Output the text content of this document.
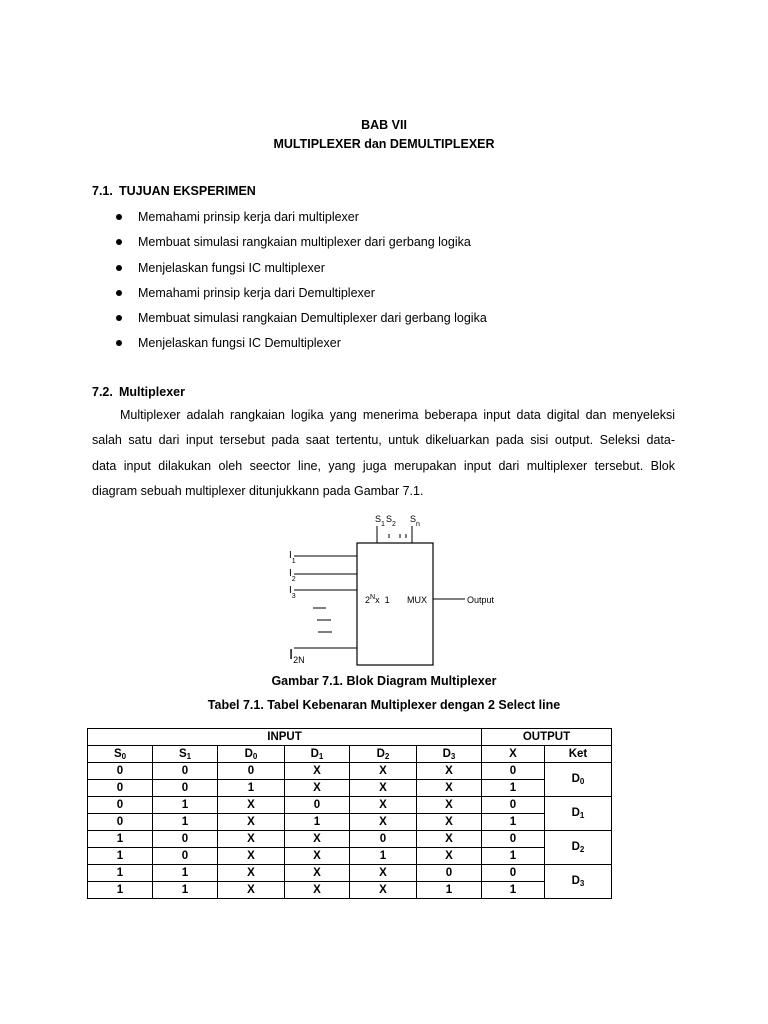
BAB VII
MULTIPLEXER dan DEMULTIPLEXER
7.1. TUJUAN EKSPERIMEN
Memahami prinsip kerja dari multiplexer
Membuat simulasi rangkaian multiplexer dari gerbang logika
Menjelaskan fungsi IC multiplexer
Memahami prinsip kerja dari Demultiplexer
Membuat simulasi rangkaian Demultiplexer dari gerbang logika
Menjelaskan fungsi IC Demultiplexer
7.2. Multiplexer
Multiplexer adalah rangkaian logika yang menerima beberapa input data digital dan menyeleksi
salah satu dari input tersebut pada saat tertentu, untuk dikeluarkan pada sisi output. Seleksi data-
data input dilakukan oleh seector line, yang juga merupakan input dari multiplexer tersebut. Blok
diagram sebuah multiplexer ditunjukkann pada Gambar 7.1.
$S_1$
$S_2$
$S_n$
$I_1$
$I_2$
$I_3$
$I_{2N}$
$2^Nx$  1 MUX	Output
Gambar 7.1. Blok Diagram Multiplexer
Tabel 7.1. Tabel Kebenaran Multiplexer dengan 2 Select line
INPUT						OUTPUT	
$S_0$	$S_1$	$D_0$	$D_1$	$D_2$	$D_3$	X	Ket
0	0	0	X	X	X	0	$D_0$
0	0	1	X	X	X	1	
0	1	X	0	X	X	0	$D_1$
0	1	X	1	X	X	1	
1	0	X	X	0	X	0	$D_2$
1	0	X	X	1	X	1	
1	1	X	X	X	0	0	$D_3$
1	1	X	X	X	1	1	
